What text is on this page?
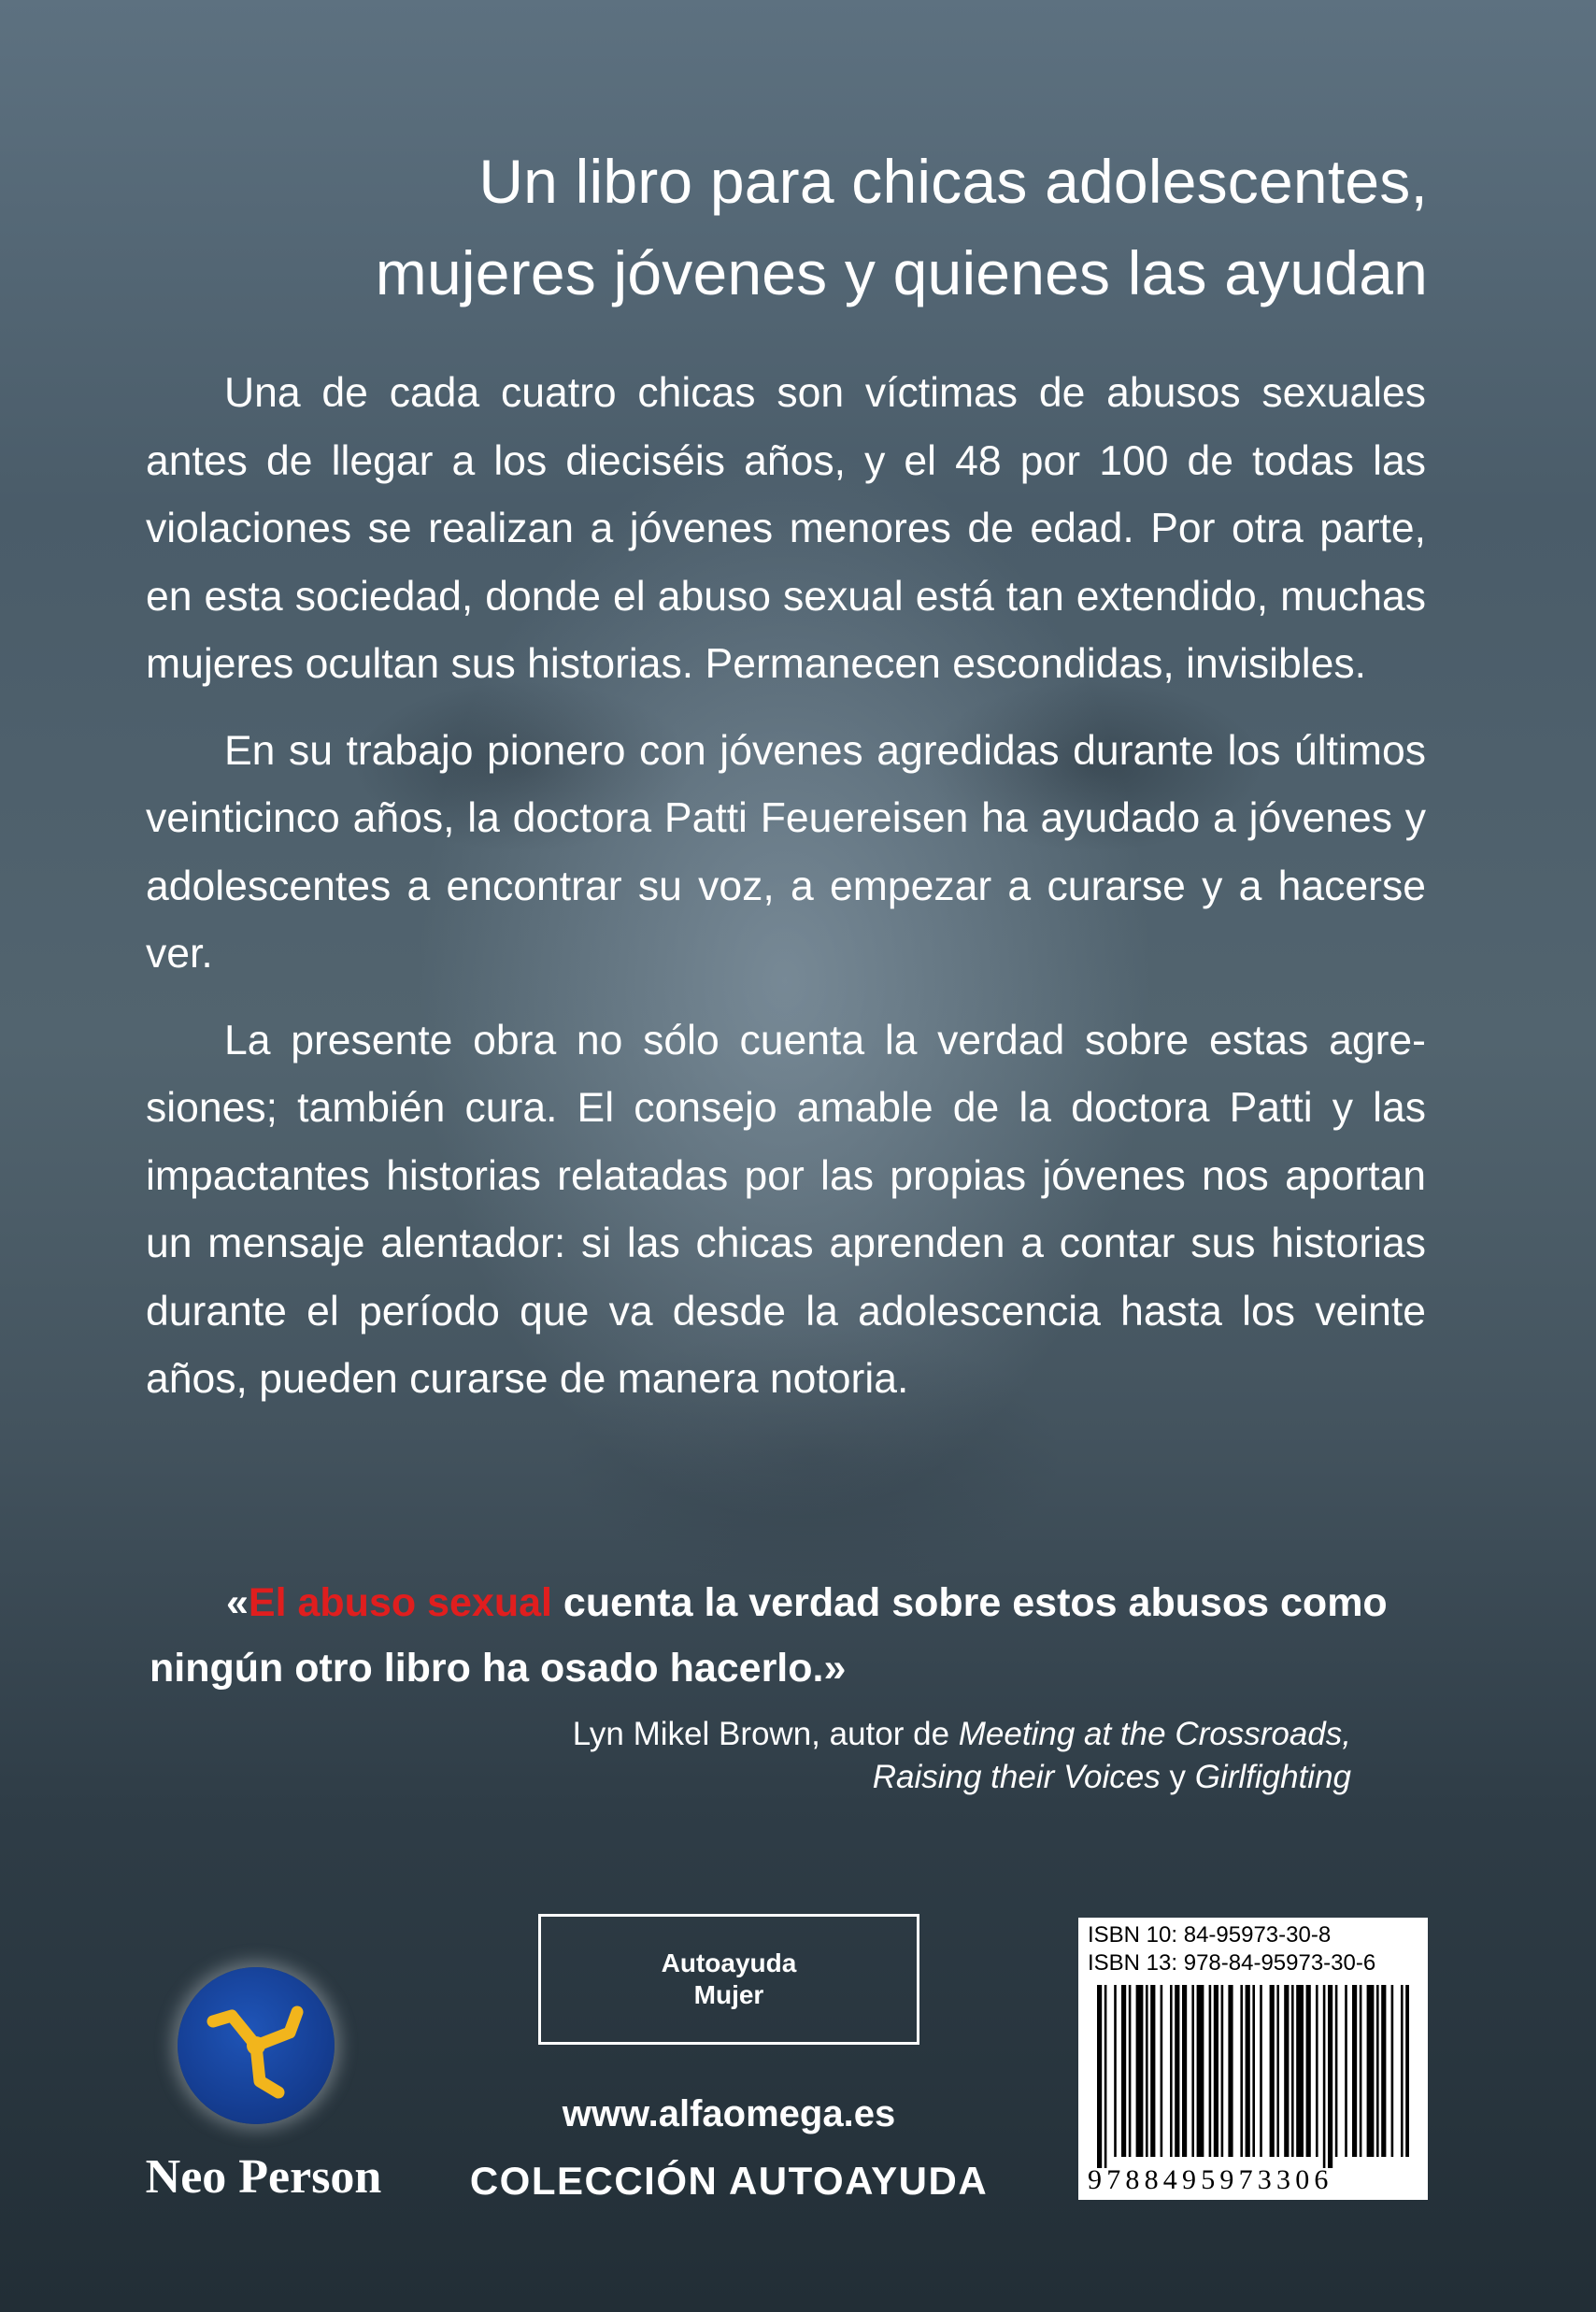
Un libro para chicas adolescentes,
mujeres jóvenes y quienes las ayudan

Una de cada cuatro chicas son víctimas de abusos sexuales antes de llegar a los dieciséis años, y el 48 por 100 de todas las violaciones se realizan a jóvenes menores de edad. Por otra parte, en esta sociedad, donde el abuso sexual está tan extendido, muchas mujeres ocultan sus historias. Permanecen escondidas, invisibles.

En su trabajo pionero con jóvenes agredidas durante los últimos veinticinco años, la doctora Patti Feuereisen ha ayudado a jóvenes y adolescentes a encontrar su voz, a empezar a curarse y a hacerse ver.

La presente obra no sólo cuenta la verdad sobre estas agresiones; también cura. El consejo amable de la doctora Patti y las impactantes historias relatadas por las propias jóvenes nos aportan un mensaje alentador: si las chicas aprenden a contar sus historias durante el período que va desde la adolescencia hasta los veinte años, pueden curarse de manera notoria.

«El abuso sexual cuenta la verdad sobre estos abusos como ningún otro libro ha osado hacerlo.»

Lyn Mikel Brown, autor de Meeting at the Crossroads,
Raising their Voices y Girlfighting
Neo Person
Autoayuda
Mujer
www.alfaomega.es
COLECCIÓN AUTOAYUDA
ISBN 10: 84-95973-30-8
ISBN 13: 978-84-95973-30-6
9788495973306
